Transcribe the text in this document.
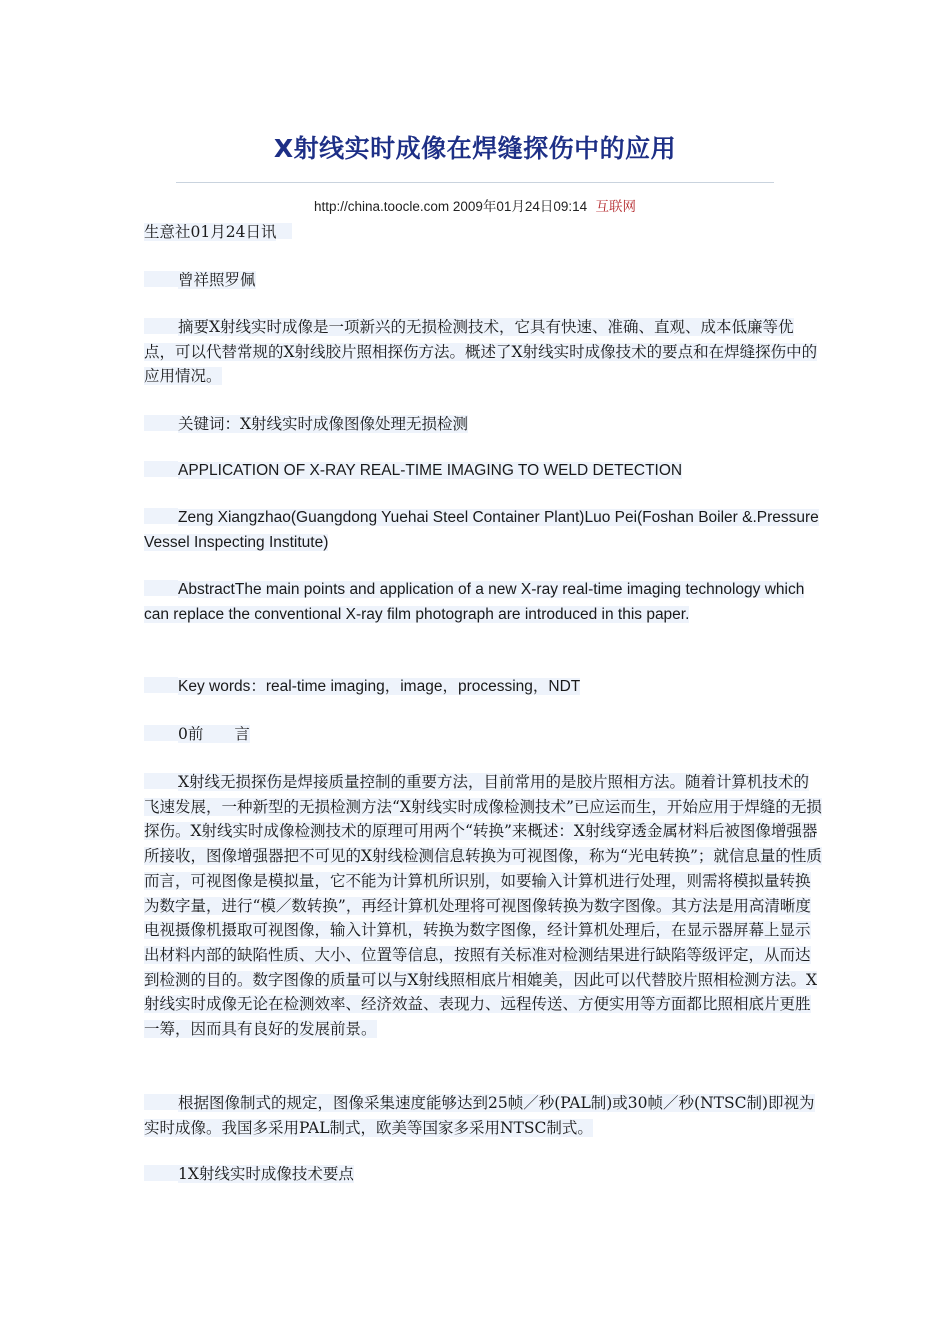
X射线实时成像在焊缝探伤中的应用
http://china.toocle.com 2009年01月24日09:14 互联网

生意社01月24日讯

曾祥照罗佩

摘要X射线实时成像是一项新兴的无损检测技术，它具有快速、准确、直观、成本低廉等优点，可以代替常规的X射线胶片照相探伤方法。概述了X射线实时成像技术的要点和在焊缝探伤中的应用情况。

关键词：X射线实时成像图像处理无损检测

APPLICATION OF X-RAY REAL-TIME IMAGING TO WELD DETECTION

Zeng Xiangzhao(Guangdong Yuehai Steel Container Plant)Luo Pei(Foshan Boiler &.Pressure Vessel Inspecting Institute)

AbstractThe main points and application of a new X-ray real-time imaging technology which can replace the conventional X-ray film photograph are introduced in this paper.

Key words：real-time imaging，image，processing，NDT

0前　　言

X射线无损探伤是焊接质量控制的重要方法，目前常用的是胶片照相方法。随着计算机技术的飞速发展，一种新型的无损检测方法“X射线实时成像检测技术”已应运而生，开始应用于焊缝的无损探伤。X射线实时成像检测技术的原理可用两个“转换”来概述：X射线穿透金属材料后被图像增强器所接收，图像增强器把不可见的X射线检测信息转换为可视图像，称为“光电转换”；就信息量的性质而言，可视图像是模拟量，它不能为计算机所识别，如要输入计算机进行处理，则需将模拟量转换为数字量，进行“模／数转换”，再经计算机处理将可视图像转换为数字图像。其方法是用高清晰度电视摄像机摄取可视图像，输入计算机，转换为数字图像，经计算机处理后，在显示器屏幕上显示出材料内部的缺陷性质、大小、位置等信息，按照有关标准对检测结果进行缺陷等级评定，从而达到检测的目的。数字图像的质量可以与X射线照相底片相媲美，因此可以代替胶片照相检测方法。X射线实时成像无论在检测效率、经济效益、表现力、远程传送、方便实用等方面都比照相底片更胜一筹，因而具有良好的发展前景。

根据图像制式的规定，图像采集速度能够达到25帧／秒(PAL制)或30帧／秒(NTSC制)即视为实时成像。我国多采用PAL制式，欧美等国家多采用NTSC制式。

1X射线实时成像技术要点
